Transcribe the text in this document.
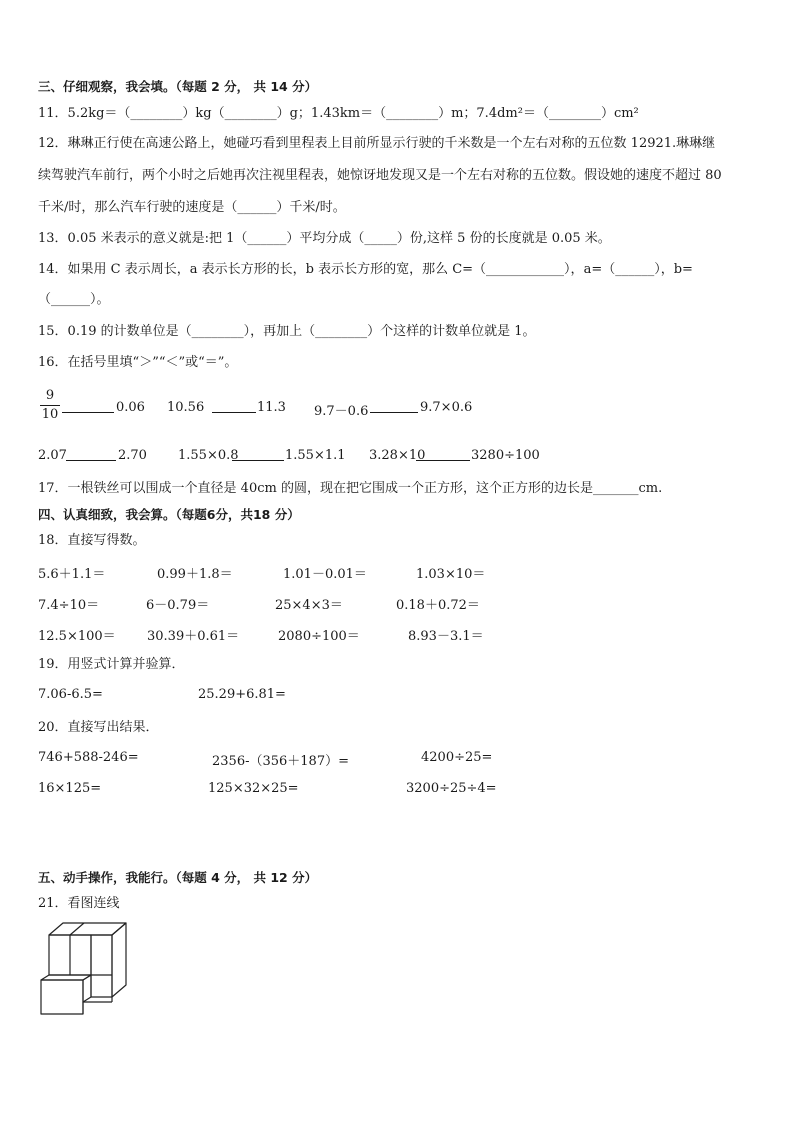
三、仔细观察，我会填。（每题 2 分， 共 14 分）
11．5.2kg＝（________）kg（________）g；1.43km＝（________）m；7.4dm²＝（________）cm²
12．琳琳正行使在高速公路上，她碰巧看到里程表上目前所显示行驶的千米数是一个左右对称的五位数 12921.琳琳继
续驾驶汽车前行，两个小时之后她再次注视里程表，她惊讶地发现又是一个左右对称的五位数。假设她的速度不超过 80
千米/时，那么汽车行驶的速度是（______）千米/时。
13．0.05 米表示的意义就是:把 1（______）平均分成（_____）份,这样 5 份的长度就是 0.05 米。
14．如果用 C 表示周长，a 表示长方形的长，b 表示长方形的宽，那么 C=（____________），a=（______），b=
（______）。
15．0.19 的计数单位是（________），再加上（________）个这样的计数单位就是 1。
16．在括号里填“＞”“＜”或“＝”。
9
10	0.06 10.56	11.3 9.7－0.6	9.7×0.6
2.07	2.70 1.55×0.8	1.55×1.1 3.28×10	3280÷100
17．一根铁丝可以围成一个直径是 40cm 的圆，现在把它围成一个正方形，这个正方形的边长是_______cm.
四、认真细致，我会算。（每题6分，共18 分）
18．直接写得数。
5.6＋1.1＝	0.99＋1.8＝	1.01－0.01＝	1.03×10＝
7.4÷10＝	6－0.79＝	25×4×3＝	0.18＋0.72＝
12.5×100＝ 30.39＋0.61＝	2080÷100＝	8.93－3.1＝
19．用竖式计算并验算．
7.06-6.5=	25.29+6.81=
20．直接写出结果．
746+588-246=	2356-（356＋187）=	4200÷25=
16×125=	125×32×25=	3200÷25÷4=
五、动手操作，我能行。（每题 4 分， 共 12 分）
21．看图连线
